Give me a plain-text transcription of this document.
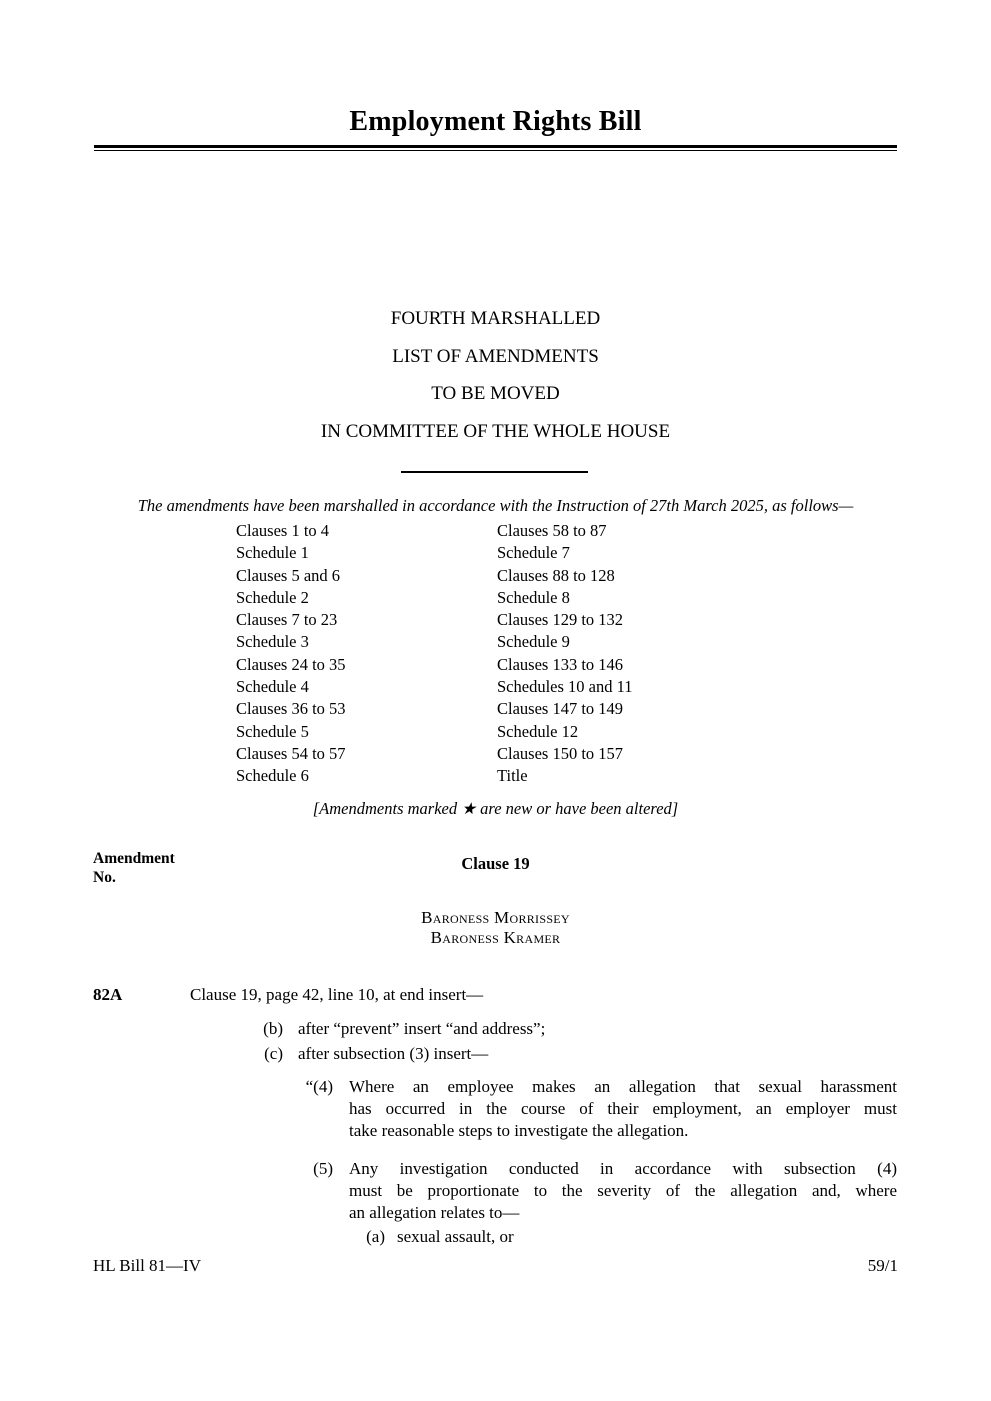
Employment Rights Bill
FOURTH MARSHALLED
LIST OF AMENDMENTS
TO BE MOVED
IN COMMITTEE OF THE WHOLE HOUSE
The amendments have been marshalled in accordance with the Instruction of 27th March 2025, as follows—
Clauses 1 to 4
Schedule 1
Clauses 5 and 6
Schedule 2
Clauses 7 to 23
Schedule 3
Clauses 24 to 35
Schedule 4
Clauses 36 to 53
Schedule 5
Clauses 54 to 57
Schedule 6
Clauses 58 to 87
Schedule 7
Clauses 88 to 128
Schedule 8
Clauses 129 to 132
Schedule 9
Clauses 133 to 146
Schedules 10 and 11
Clauses 147 to 149
Schedule 12
Clauses 150 to 157
Title
[Amendments marked ★ are new or have been altered]
Amendment
No.
Clause 19
Baroness Morrissey
Baroness Kramer
82A	Clause 19, page 42, line 10, at end insert—
(b) after “prevent” insert “and address”;
(c) after subsection (3) insert—
“(4) Where an employee makes an allegation that sexual harassment
has occurred in the course of their employment, an employer must
take reasonable steps to investigate the allegation.
(5) Any investigation conducted in accordance with subsection (4)
must be proportionate to the severity of the allegation and, where
an allegation relates to—
(a) sexual assault, or
HL Bill 81—IV	59/1
